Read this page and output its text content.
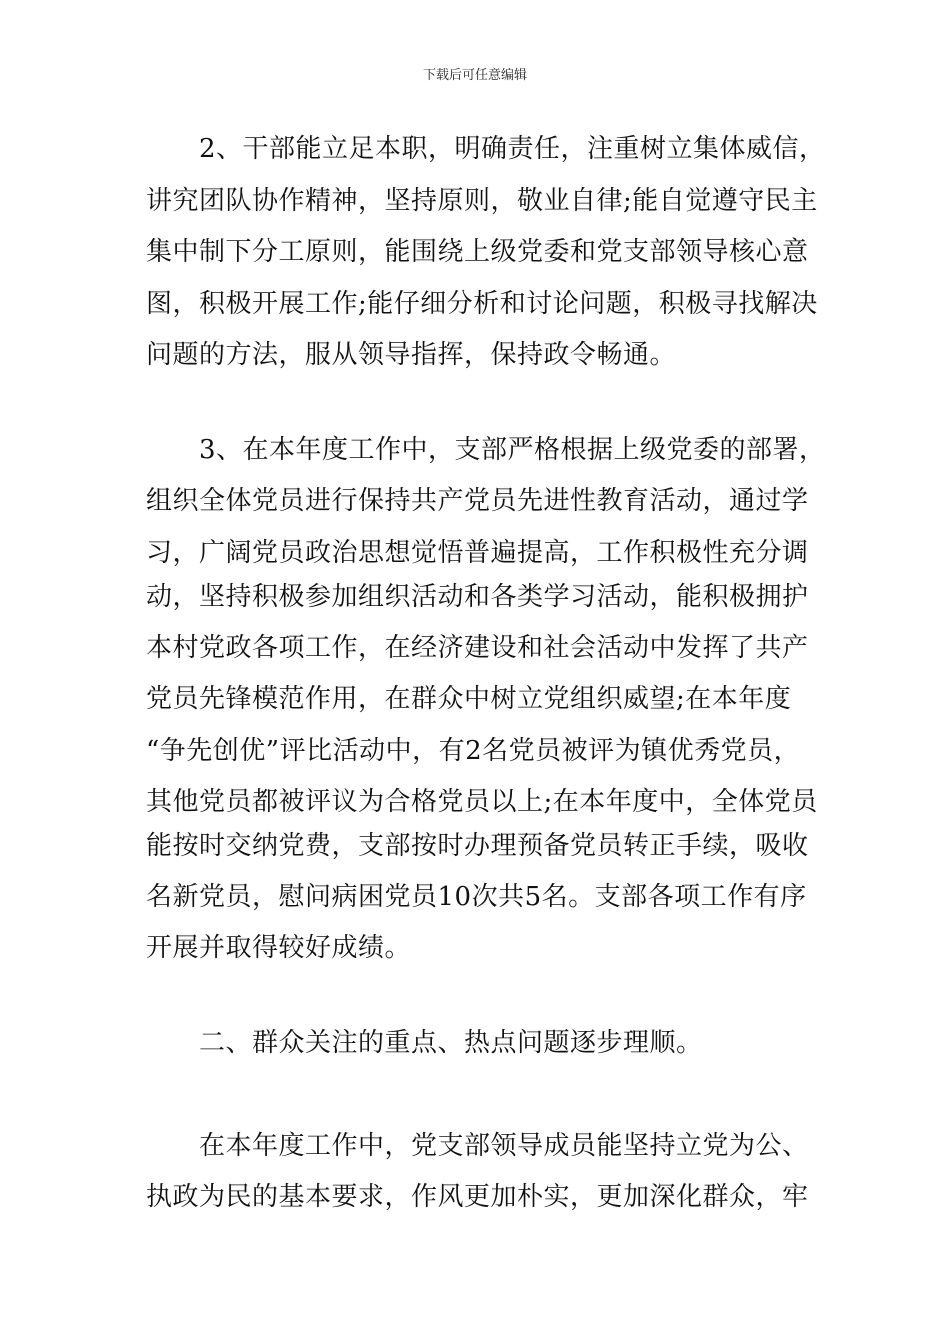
下载后可任意编辑
　　2、干部能立足本职，明确责任，注重树立集体威信，
讲究团队协作精神，坚持原则，敬业自律;能自觉遵守民主
集中制下分工原则，能围绕上级党委和党支部领导核心意
图，积极开展工作;能仔细分析和讨论问题，积极寻找解决
问题的方法，服从领导指挥，保持政令畅通。
　　3、在本年度工作中，支部严格根据上级党委的部署，
组织全体党员进行保持共产党员先进性教育活动，通过学
习，广阔党员政治思想觉悟普遍提高，工作积极性充分调
动，坚持积极参加组织活动和各类学习活动，能积极拥护
本村党政各项工作，在经济建设和社会活动中发挥了共产
党员先锋模范作用，在群众中树立党组织威望;在本年度
“争先创优”评比活动中，有2名党员被评为镇优秀党员，
其他党员都被评议为合格党员以上;在本年度中，全体党员
能按时交纳党费，支部按时办理预备党员转正手续，吸收
名新党员，慰问病困党员10次共5名。支部各项工作有序
开展并取得较好成绩。
　　二、群众关注的重点、热点问题逐步理顺。
　　在本年度工作中，党支部领导成员能坚持立党为公、
执政为民的基本要求，作风更加朴实，更加深化群众，牢
